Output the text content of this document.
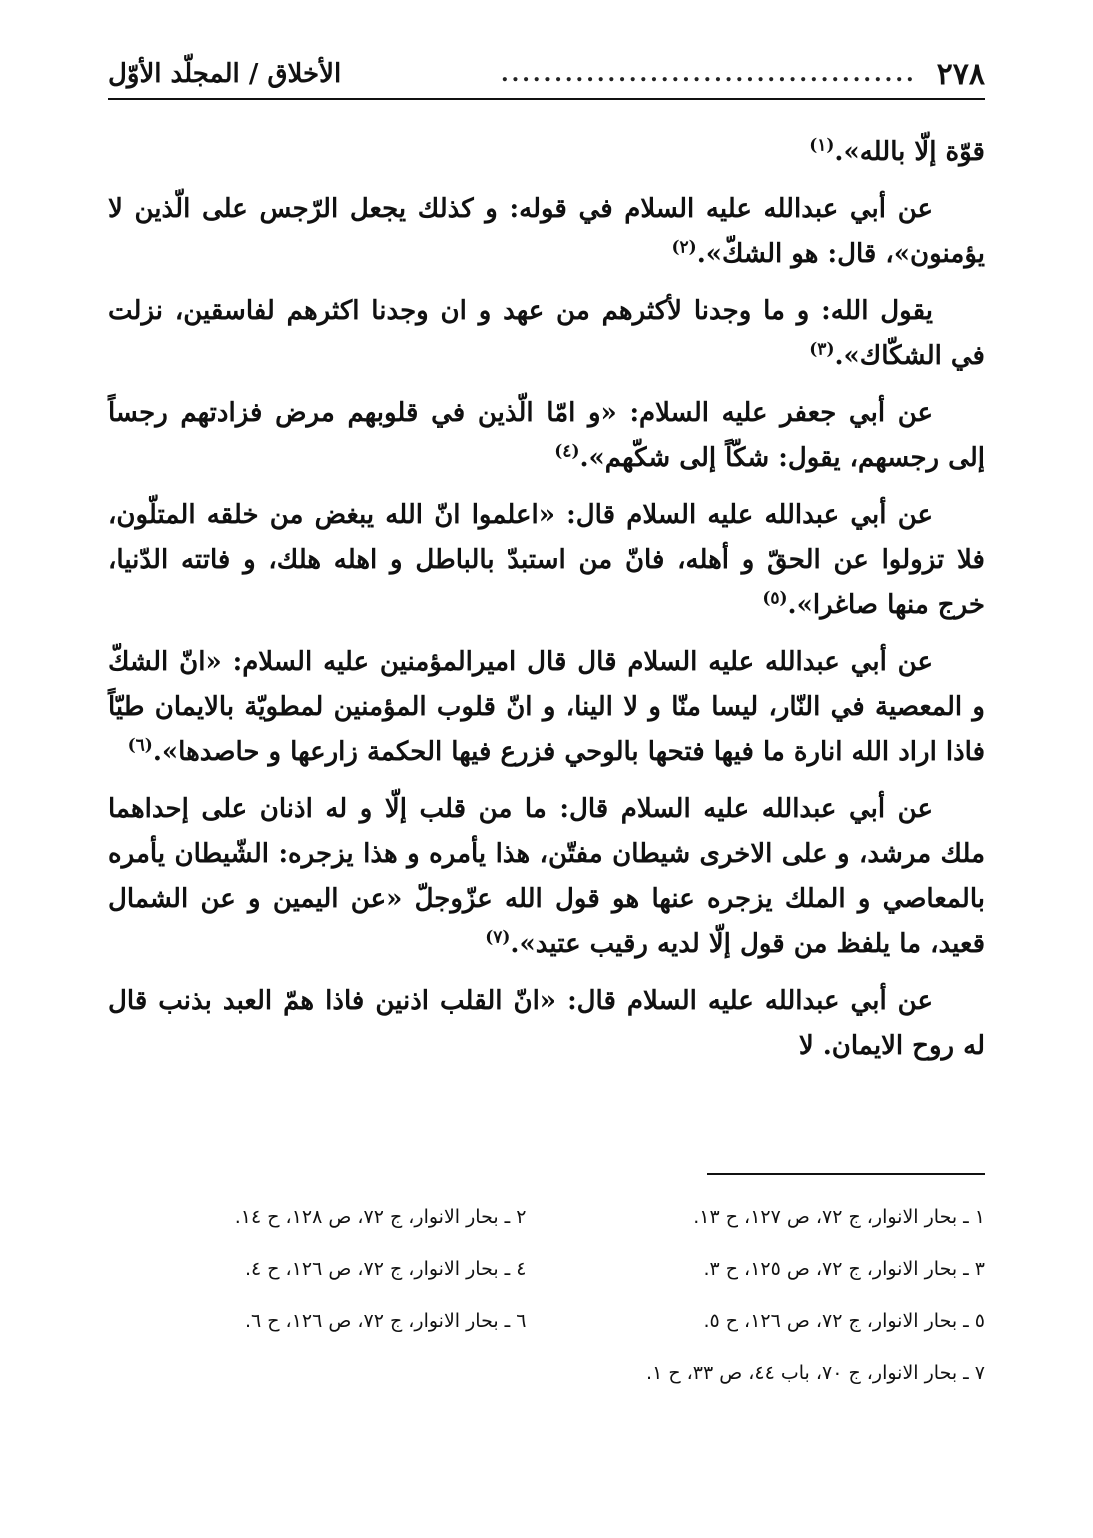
٢٧٨
.......................................
الأخلاق / المجلّد الأوّل

قوّة إلّا بالله».$^{(١)}$

عن أبي عبدالله عليه السلام في قوله: و كذلك يجعل الرّجس على الّذين لا يؤمنون»، قال: هو الشكّ».$^{(٢)}$

يقول الله: و ما وجدنا لأكثرهم من عهد و ان وجدنا اكثرهم لفاسقين، نزلت في الشكّاك».$^{(٣)}$

عن أبي جعفر عليه السلام: «و امّا الّذين في قلوبهم مرض فزادتهم رجساً إلى رجسهم، يقول: شكّاً إلى شكّهم».$^{(٤)}$

عن أبي عبدالله عليه السلام قال: «اعلموا انّ الله يبغض من خلقه المتلّون، فلا تزولوا عن الحقّ و أهله، فانّ من استبدّ بالباطل و اهله هلك، و فاتته الدّنيا، خرج منها صاغرا».$^{(٥)}$

عن أبي عبدالله عليه السلام قال قال اميرالمؤمنين عليه السلام: «انّ الشكّ و المعصية في النّار، ليسا منّا و لا الينا، و انّ قلوب المؤمنين لمطويّة بالايمان طيّاً فاذا اراد الله انارة ما فيها فتحها بالوحي فزرع فيها الحكمة زارعها و حاصدها».$^{(٦)}$

عن أبي عبدالله عليه السلام قال: ما من قلب إلّا و له اذنان على إحداهما ملك مرشد، و على الاخرى شيطان مفتّن، هذا يأمره و هذا يزجره: الشّيطان يأمره بالمعاصي و الملك يزجره عنها هو قول الله عزّوجلّ «عن اليمين و عن الشمال قعيد، ما يلفظ من قول إلّا لديه رقيب عتيد».$^{(٧)}$

عن أبي عبدالله عليه السلام قال: «انّ القلب اذنين فاذا همّ العبد بذنب قال له روح الايمان. لا

١ ـ بحار الانوار، ج ٧٢، ص ١٢٧، ح ١٣.
٢ ـ بحار الانوار، ج ٧٢، ص ١٢٨، ح ١٤.
٣ ـ بحار الانوار، ج ٧٢، ص ١٢٥، ح ٣.
٤ ـ بحار الانوار، ج ٧٢، ص ١٢٦، ح ٤.
٥ ـ بحار الانوار، ج ٧٢، ص ١٢٦، ح ٥.
٦ ـ بحار الانوار، ج ٧٢، ص ١٢٦، ح ٦.
٧ ـ بحار الانوار، ج ٧٠، باب ٤٤، ص ٣٣، ح ١.
